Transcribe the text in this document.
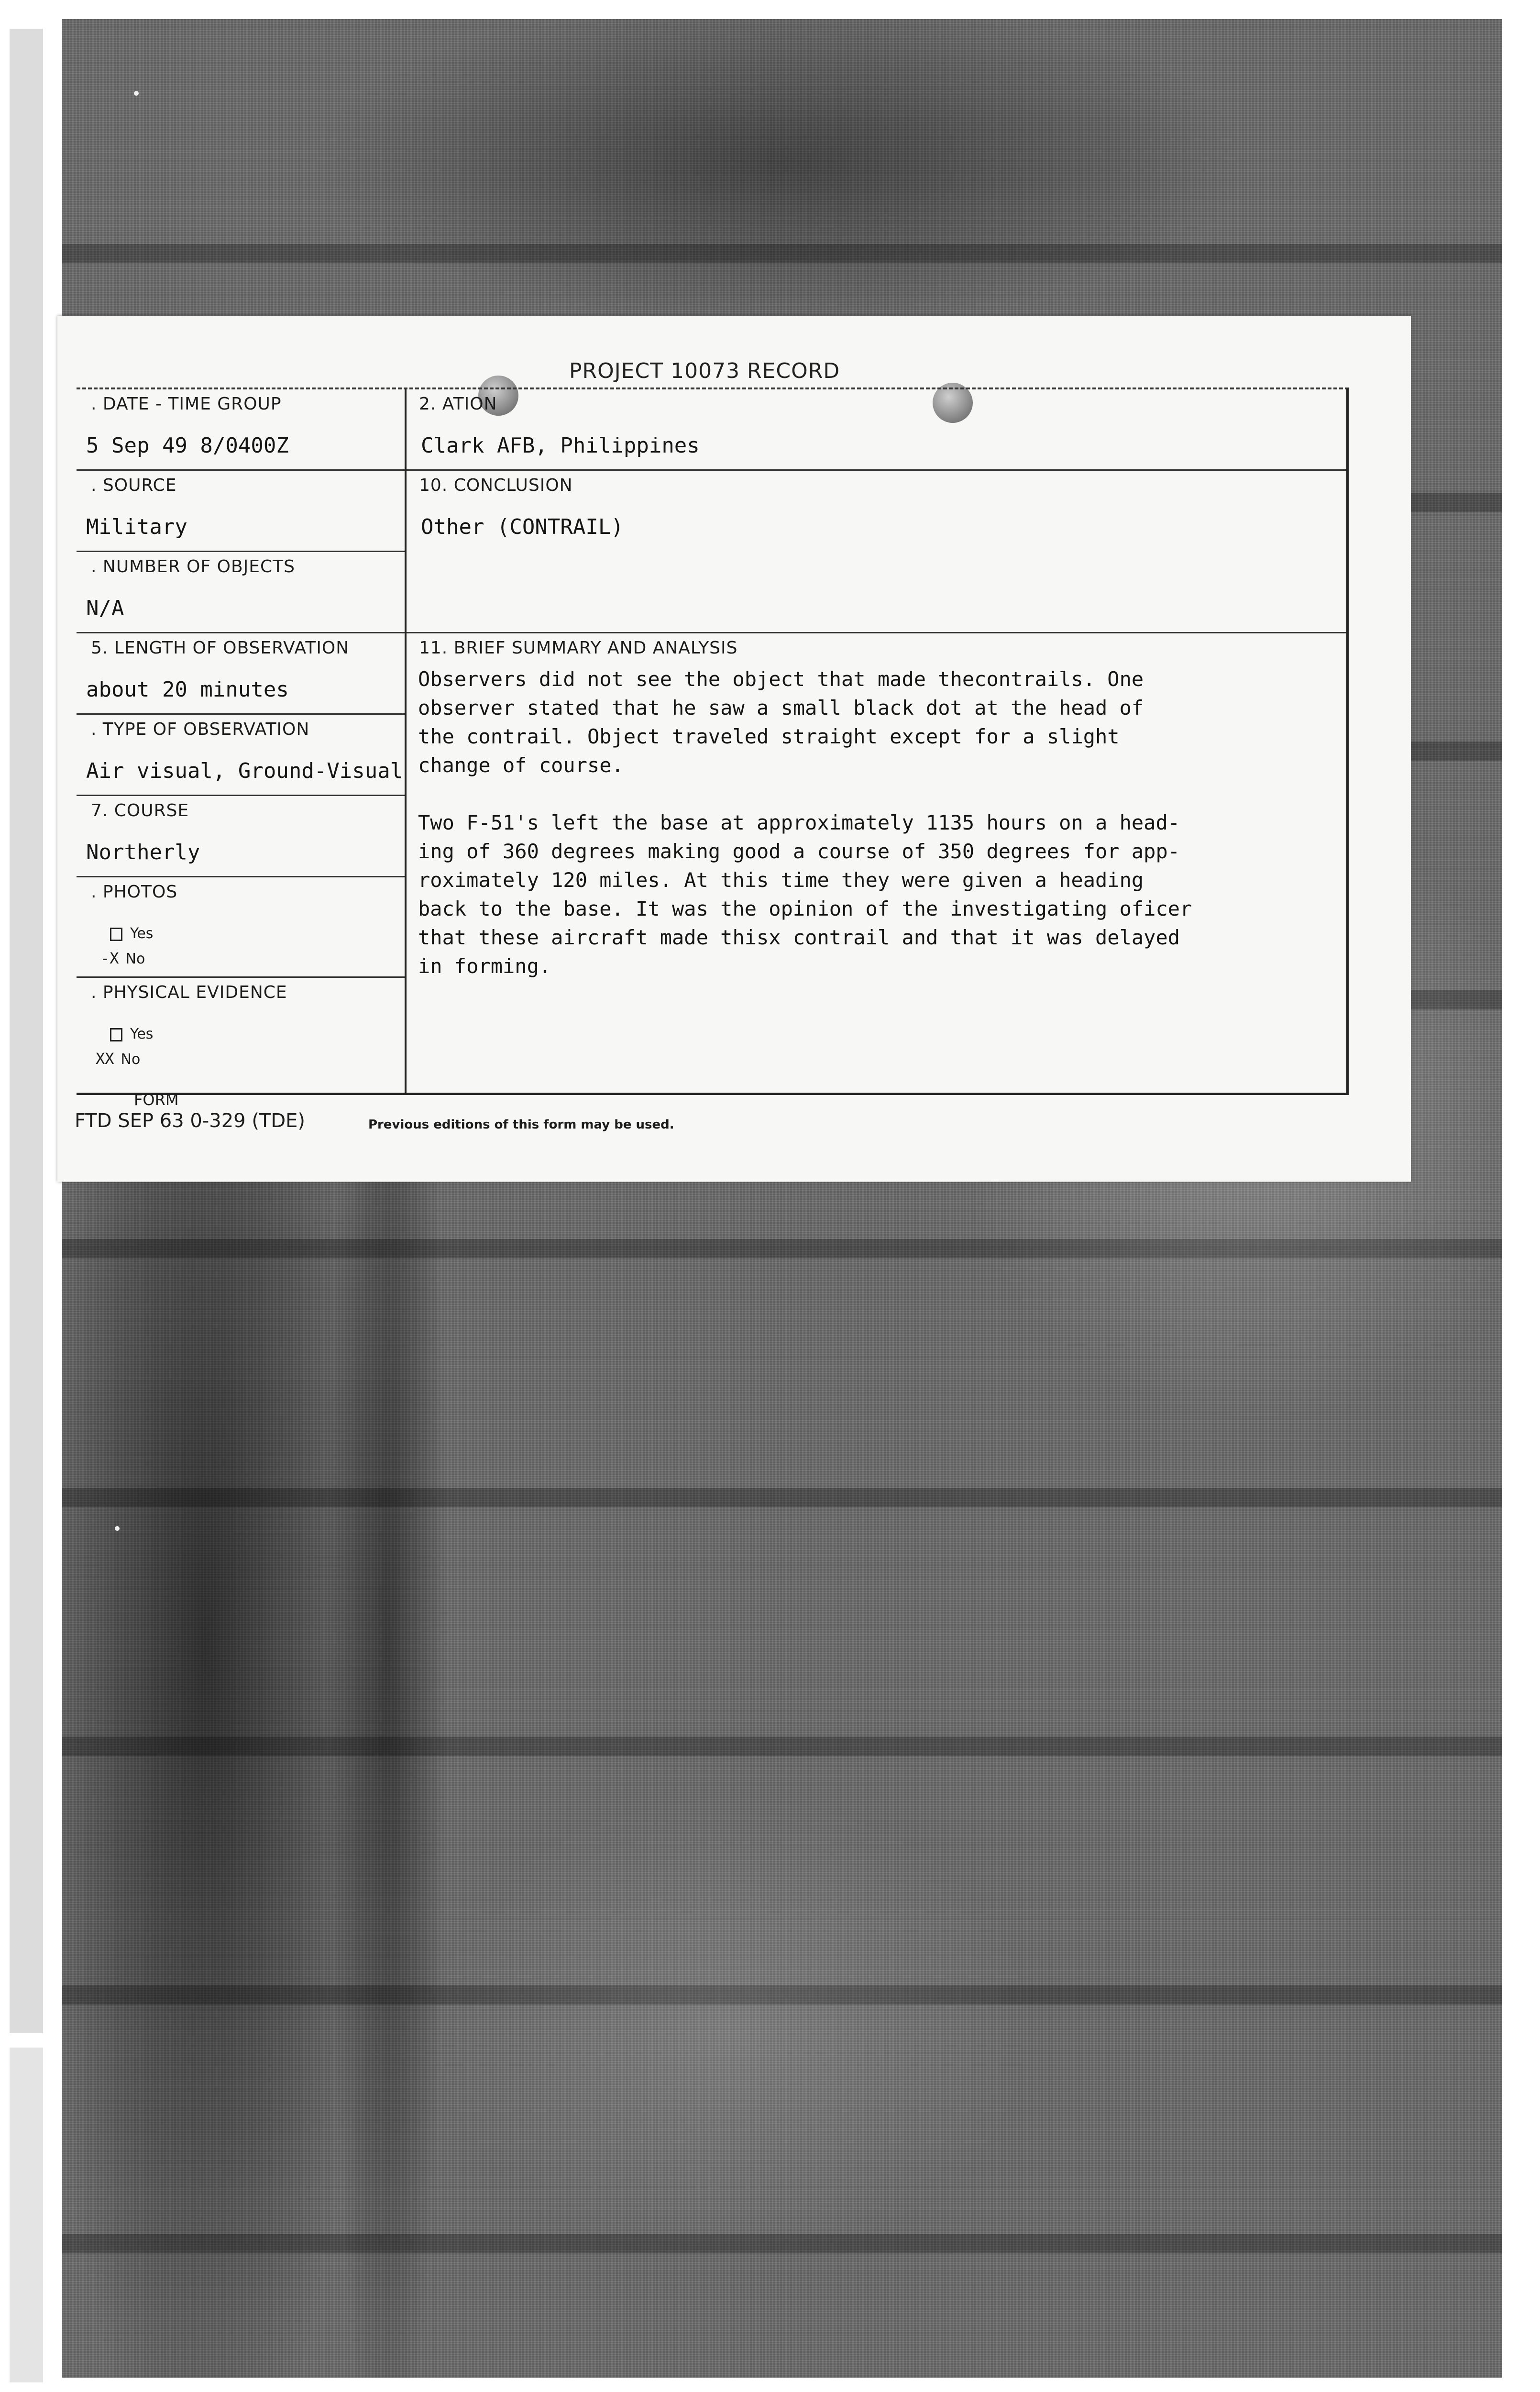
PROJECT 10073 RECORD
. DATE - TIME GROUP
5 Sep 49 8/0400Z
. SOURCE
Military
. NUMBER OF OBJECTS
N/A
5. LENGTH OF OBSERVATION
about 20 minutes
. TYPE OF OBSERVATION
Air visual, Ground-Visual
7. COURSE
Northerly
. PHOTOS
Yes
-X No
. PHYSICAL EVIDENCE
Yes
XX No
2. ATION
Clark AFB, Philippines
10. CONCLUSION
Other (CONTRAIL)
11. BRIEF SUMMARY AND ANALYSIS
Observers did not see the object that made thecontrails. One
observer stated that he saw a small black dot at the head of
the contrail. Object traveled straight except for a slight
change of course.
Two F-51's left the base at approximately 1135 hours on a head-
ing of 360 degrees making good a course of 350 degrees for app-
roximately 120 miles. At this time they were given a heading
back to the base. It was the opinion of the investigating oficer
that these aircraft made thisx contrail and that it was delayed
in forming.
FORM
FTD SEP 63 0-329 (TDE)	Previous editions of this form may be used.
